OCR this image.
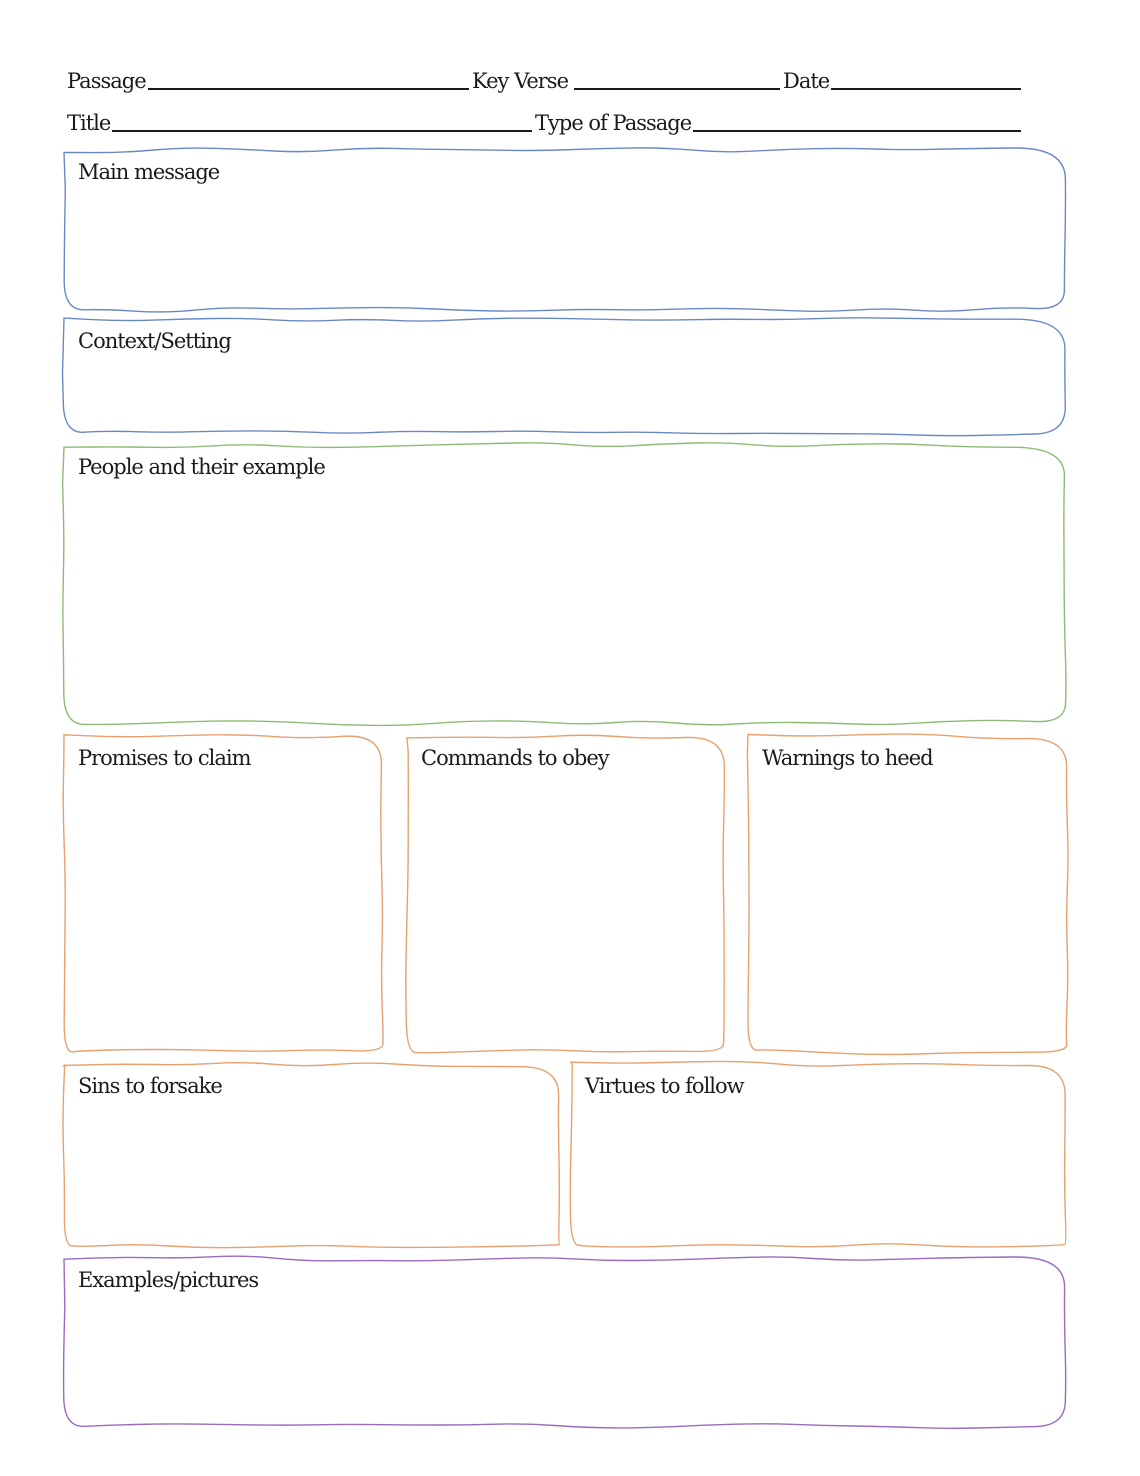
Passage	Key Verse	Date
Title	Type of Passage
Main message
Context/Setting
People and their example
Promises to claim	Commands to obey	Warnings to heed
Sins to forsake	Virtues to follow
Examples/pictures
